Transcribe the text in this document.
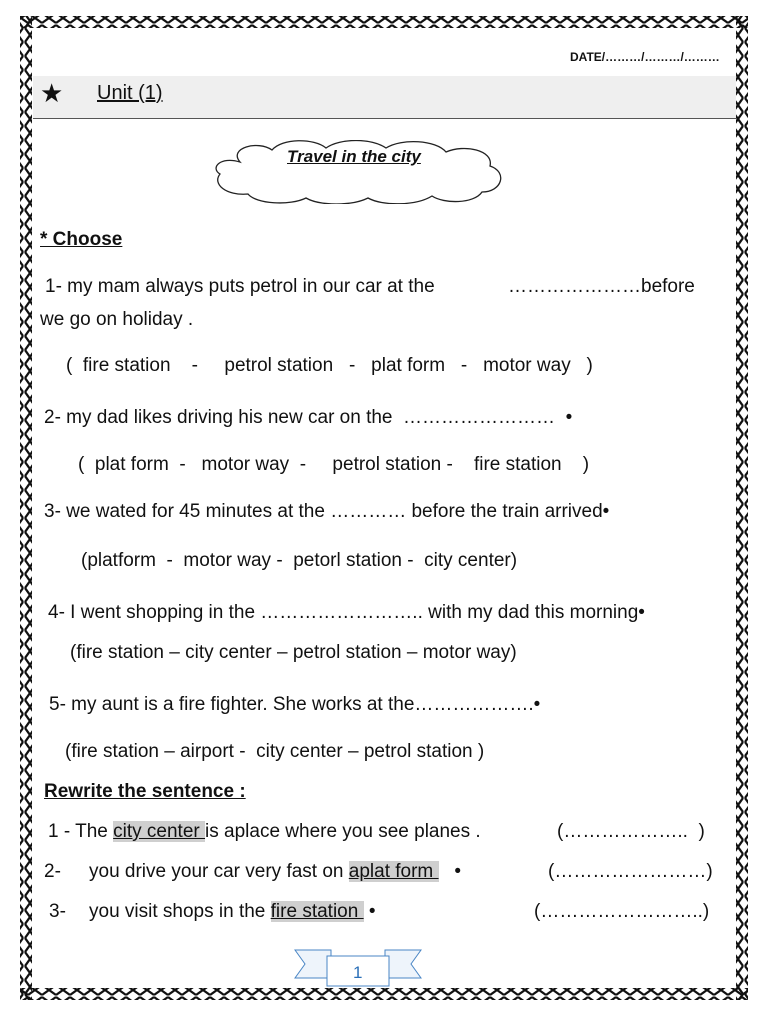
DATE/………/………/………
★ Unit (1)
Travel in the city
* Choose
1- my mam always puts petrol in our car at the	………………… before
we go on holiday .
(  fire station    -     petrol station   -   plat form   -   motor way   )
2- my dad likes driving his new car on the  ……………………  •
(  plat form  -   motor way  -     petrol station -    fire station    )
3- we wated for 45 minutes at the ………… before the train arrived•
(platform  -  motor way -  petorl station -  city center)
4- I went shopping in the …………………….. with my dad this morning•
(fire station – city center – petrol station – motor way)
5- my aunt is a fire fighter. She works at the……………….•
(fire station – airport -  city center – petrol station )
Rewrite the sentence :
1 - The city center is aplace where you see planes .	(………………..  )
2- you drive your car very fast on aplat form    •	(……………………)
3- you visit shops in the fire station  •	(……………………..)
1
